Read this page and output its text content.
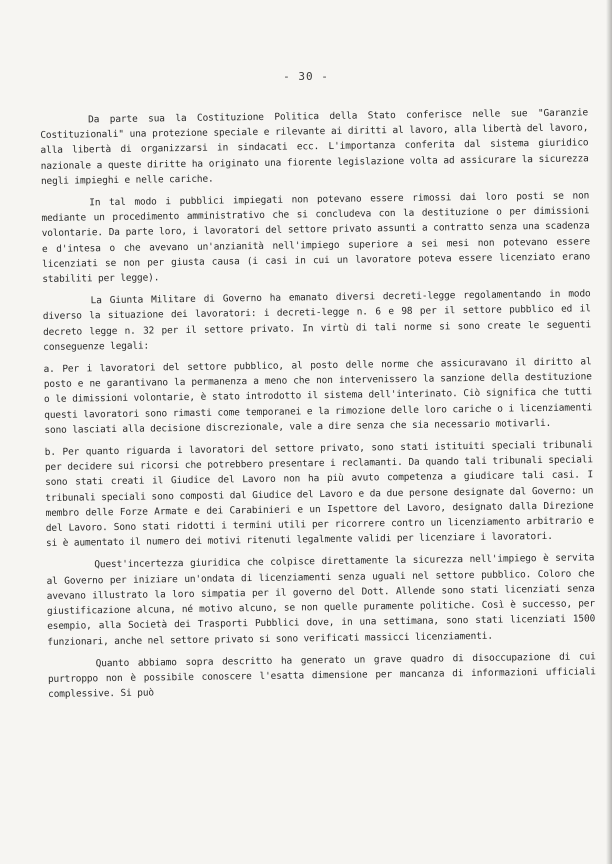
- 30 -

Da parte sua la Costituzione Politica della Stato conferisce nelle sue "Garanzie Costituzionali" una protezione speciale e rilevante ai diritti al lavoro, alla libertà del lavoro, alla libertà di organizzarsi in sindacati ecc. L'importanza conferita dal sistema giuridico nazionale a queste diritte ha originato una fiorente legislazione volta ad assicurare la sicurezza negli impieghi e nelle cariche.

In tal modo i pubblici impiegati non potevano essere rimossi dai loro posti se non mediante un procedimento amministrativo che si concludeva con la destituzione o per dimissioni volontarie. Da parte loro, i lavoratori del settore privato assunti a contratto senza una scadenza e d'intesa o che avevano un'anzianità nell'impiego superiore a sei mesi non potevano essere licenziati se non per giusta causa (i casi in cui un lavoratore poteva essere licenziato erano stabiliti per legge).

La Giunta Militare di Governo ha emanato diversi decreti-legge regolamentando in modo diverso la situazione dei lavoratori: i decreti-legge n. 6 e 98 per il settore pubblico ed il decreto legge n. 32 per il settore privato. In virtù di tali norme si sono create le seguenti conseguenze legali:

a. Per i lavoratori del settore pubblico, al posto delle norme che assicuravano il diritto al posto e ne garantivano la permanenza a meno che non intervenissero la sanzione della destituzione o le dimissioni volontarie, è stato introdotto il sistema dell'interinato. Ciò significa che tutti questi lavoratori sono rimasti come temporanei e la rimozione delle loro cariche o i licenziamenti sono lasciati alla decisione discrezionale, vale a dire senza che sia necessario motivarli.

b. Per quanto riguarda i lavoratori del settore privato, sono stati istituiti speciali tribunali per decidere sui ricorsi che potrebbero presentare i reclamanti. Da quando tali tribunali speciali sono stati creati il Giudice del Lavoro non ha più avuto competenza a giudicare tali casi. I tribunali speciali sono composti dal Giudice del Lavoro e da due persone designate dal Governo: un membro delle Forze Armate e dei Carabinieri e un Ispettore del Lavoro, designato dalla Direzione del Lavoro. Sono stati ridotti i termini utili per ricorrere contro un licenziamento arbitrario e si è aumentato il numero dei motivi ritenuti legalmente validi per licenziare i lavoratori.

Quest'incertezza giuridica che colpisce direttamente la sicurezza nell'impiego è servita al Governo per iniziare un'ondata di licenziamenti senza uguali nel settore pubblico. Coloro che avevano illustrato la loro simpatia per il governo del Dott. Allende sono stati licenziati senza giustificazione alcuna, né motivo alcuno, se non quelle puramente politiche. Così è successo, per esempio, alla Società dei Trasporti Pubblici dove, in una settimana, sono stati licenziati 1500 funzionari, anche nel settore privato si sono verificati massicci licenziamenti.

Quanto abbiamo sopra descritto ha generato un grave quadro di disoccupazione di cui purtroppo non è possibile conoscere l'esatta dimensione per mancanza di informazioni ufficiali complessive. Si può
